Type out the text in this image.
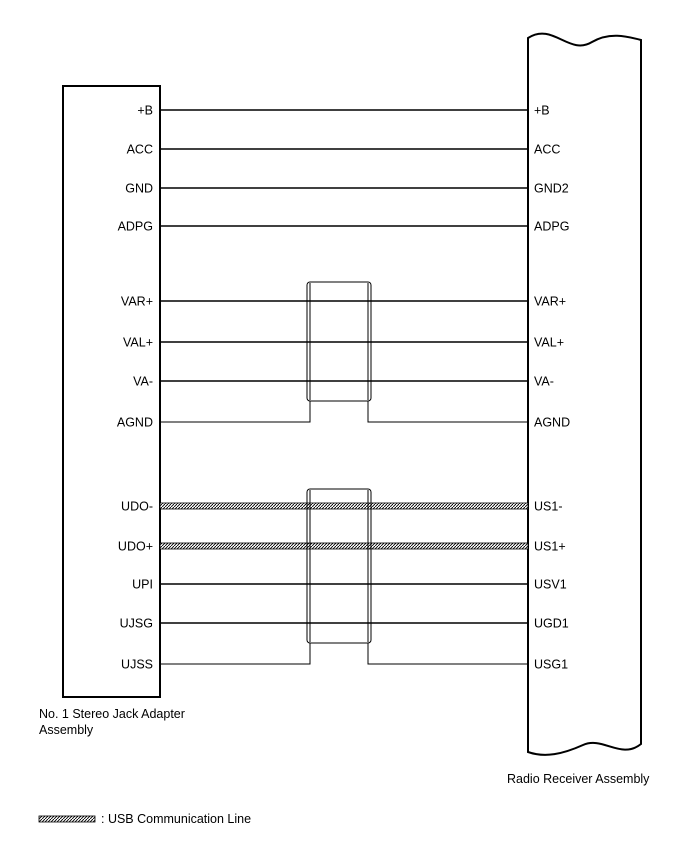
+B	+B
ACC	ACC
GND	GND2
ADPG	ADPG
VAR+	VAR+
VAL+	VAL+
VA-	VA-
AGND	AGND
UDO-	US1-
UDO+	US1+
UPI	USV1
UJSG	UGD1
UJSS	USG1
No. 1 Stereo Jack Adapter
Assembly
Radio Receiver Assembly
: USB Communication Line
